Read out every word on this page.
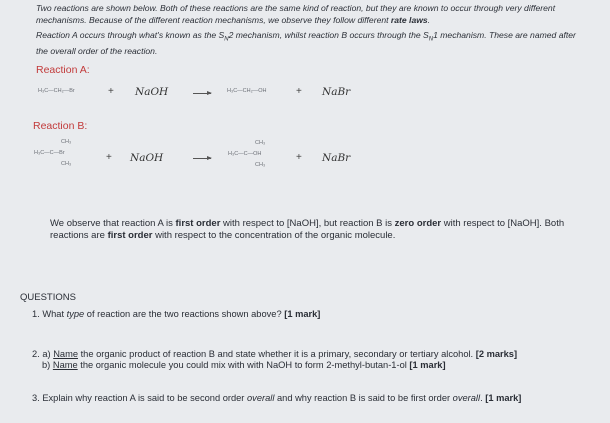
Two reactions are shown below. Both of these reactions are the same kind of reaction, but they are known to occur through very different mechanisms. Because of the different reaction mechanisms, we observe they follow different rate laws.

Reaction A occurs through what's known as the $S_N2$ mechanism, whilst reaction B occurs through the $S_N1$ mechanism. These are named after the overall order of the reaction.

Reaction A:
H₃C—CH₂—Br	+ NaOH	H₃C—CH₂—OH	+ NaBr
Reaction B:
CH₃
H₃C—C—Br
CH₃
+ NaOH
CH₃
H₃C—C—OH
CH₃
+ NaBr
We observe that reaction A is first order with respect to [NaOH], but reaction B is zero order with respect to [NaOH]. Both reactions are first order with respect to the concentration of the organic molecule.
QUESTIONS
1. What type of reaction are the two reactions shown above? [1 mark]
2. a) Name the organic product of reaction B and state whether it is a primary, secondary or tertiary alcohol. [2 marks]
b) Name the organic molecule you could mix with with NaOH to form 2-methyl-butan-1-ol [1 mark]
3. Explain why reaction A is said to be second order overall and why reaction B is said to be first order overall. [1 mark]
